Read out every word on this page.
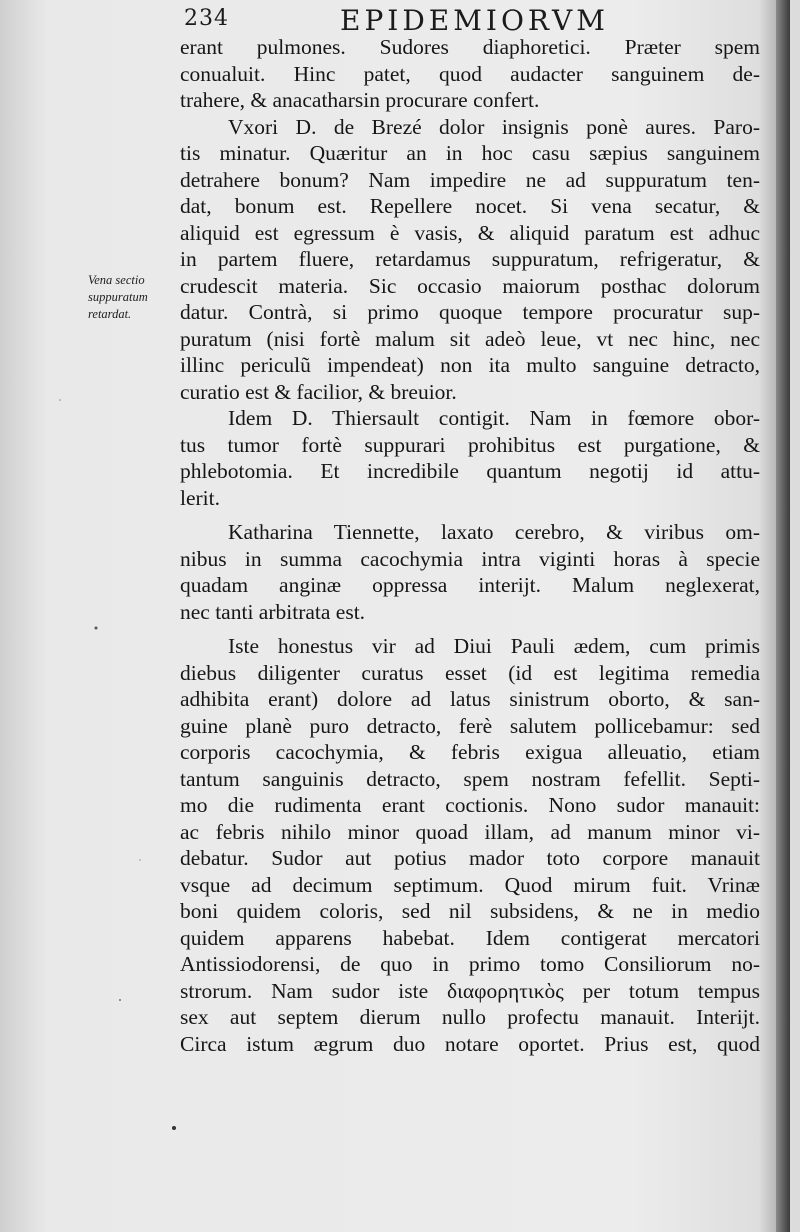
234	EPIDEMIORVM
Vena sectio
suppuratum
retardat.
erant pulmones. Sudores diaphoretici. Præter spem
conualuit. Hinc patet, quod audacter sanguinem de-
trahere, & anacatharsin procurare confert.
Vxori D. de Brezé dolor insignis ponè aures. Paro-
tis minatur. Quæritur an in hoc casu sæpius sanguinem
detrahere bonum? Nam impedire ne ad suppuratum ten-
dat, bonum est. Repellere nocet. Si vena secatur, &
aliquid est egressum è vasis, & aliquid paratum est adhuc
in partem fluere, retardamus suppuratum, refrigeratur, &
crudescit materia. Sic occasio maiorum posthac dolorum
datur. Contrà, si primo quoque tempore procuratur sup-
puratum (nisi fortè malum sit adeò leue, vt nec hinc, nec
illinc periculũ impendeat) non ita multo sanguine detracto,
curatio est & facilior, & breuior.
Idem D. Thiersault contigit. Nam in fœmore obor-
tus tumor fortè suppurari prohibitus est purgatione, &
phlebotomia. Et incredibile quantum negotij id attu-
lerit.
Katharina Tiennette, laxato cerebro, & viribus om-
nibus in summa cacochymia intra viginti horas à specie
quadam anginæ oppressa interijt. Malum neglexerat,
nec tanti arbitrata est.
Iste honestus vir ad Diui Pauli ædem, cum primis
diebus diligenter curatus esset (id est legitima remedia
adhibita erant) dolore ad latus sinistrum oborto, & san-
guine planè puro detracto, ferè salutem pollicebamur: sed
corporis cacochymia, & febris exigua alleuatio, etiam
tantum sanguinis detracto, spem nostram fefellit. Septi-
mo die rudimenta erant coctionis. Nono sudor manauit:
ac febris nihilo minor quoad illam, ad manum minor vi-
debatur. Sudor aut potius mador toto corpore manauit
vsque ad decimum septimum. Quod mirum fuit. Vrinæ
boni quidem coloris, sed nil subsidens, & ne in medio
quidem apparens habebat. Idem contigerat mercatori
Antissiodorensi, de quo in primo tomo Consiliorum no-
strorum. Nam sudor iste διαφορητικὸς per totum tempus
sex aut septem dierum nullo profectu manauit. Interijt.
Circa istum ægrum duo notare oportet. Prius est, quod
